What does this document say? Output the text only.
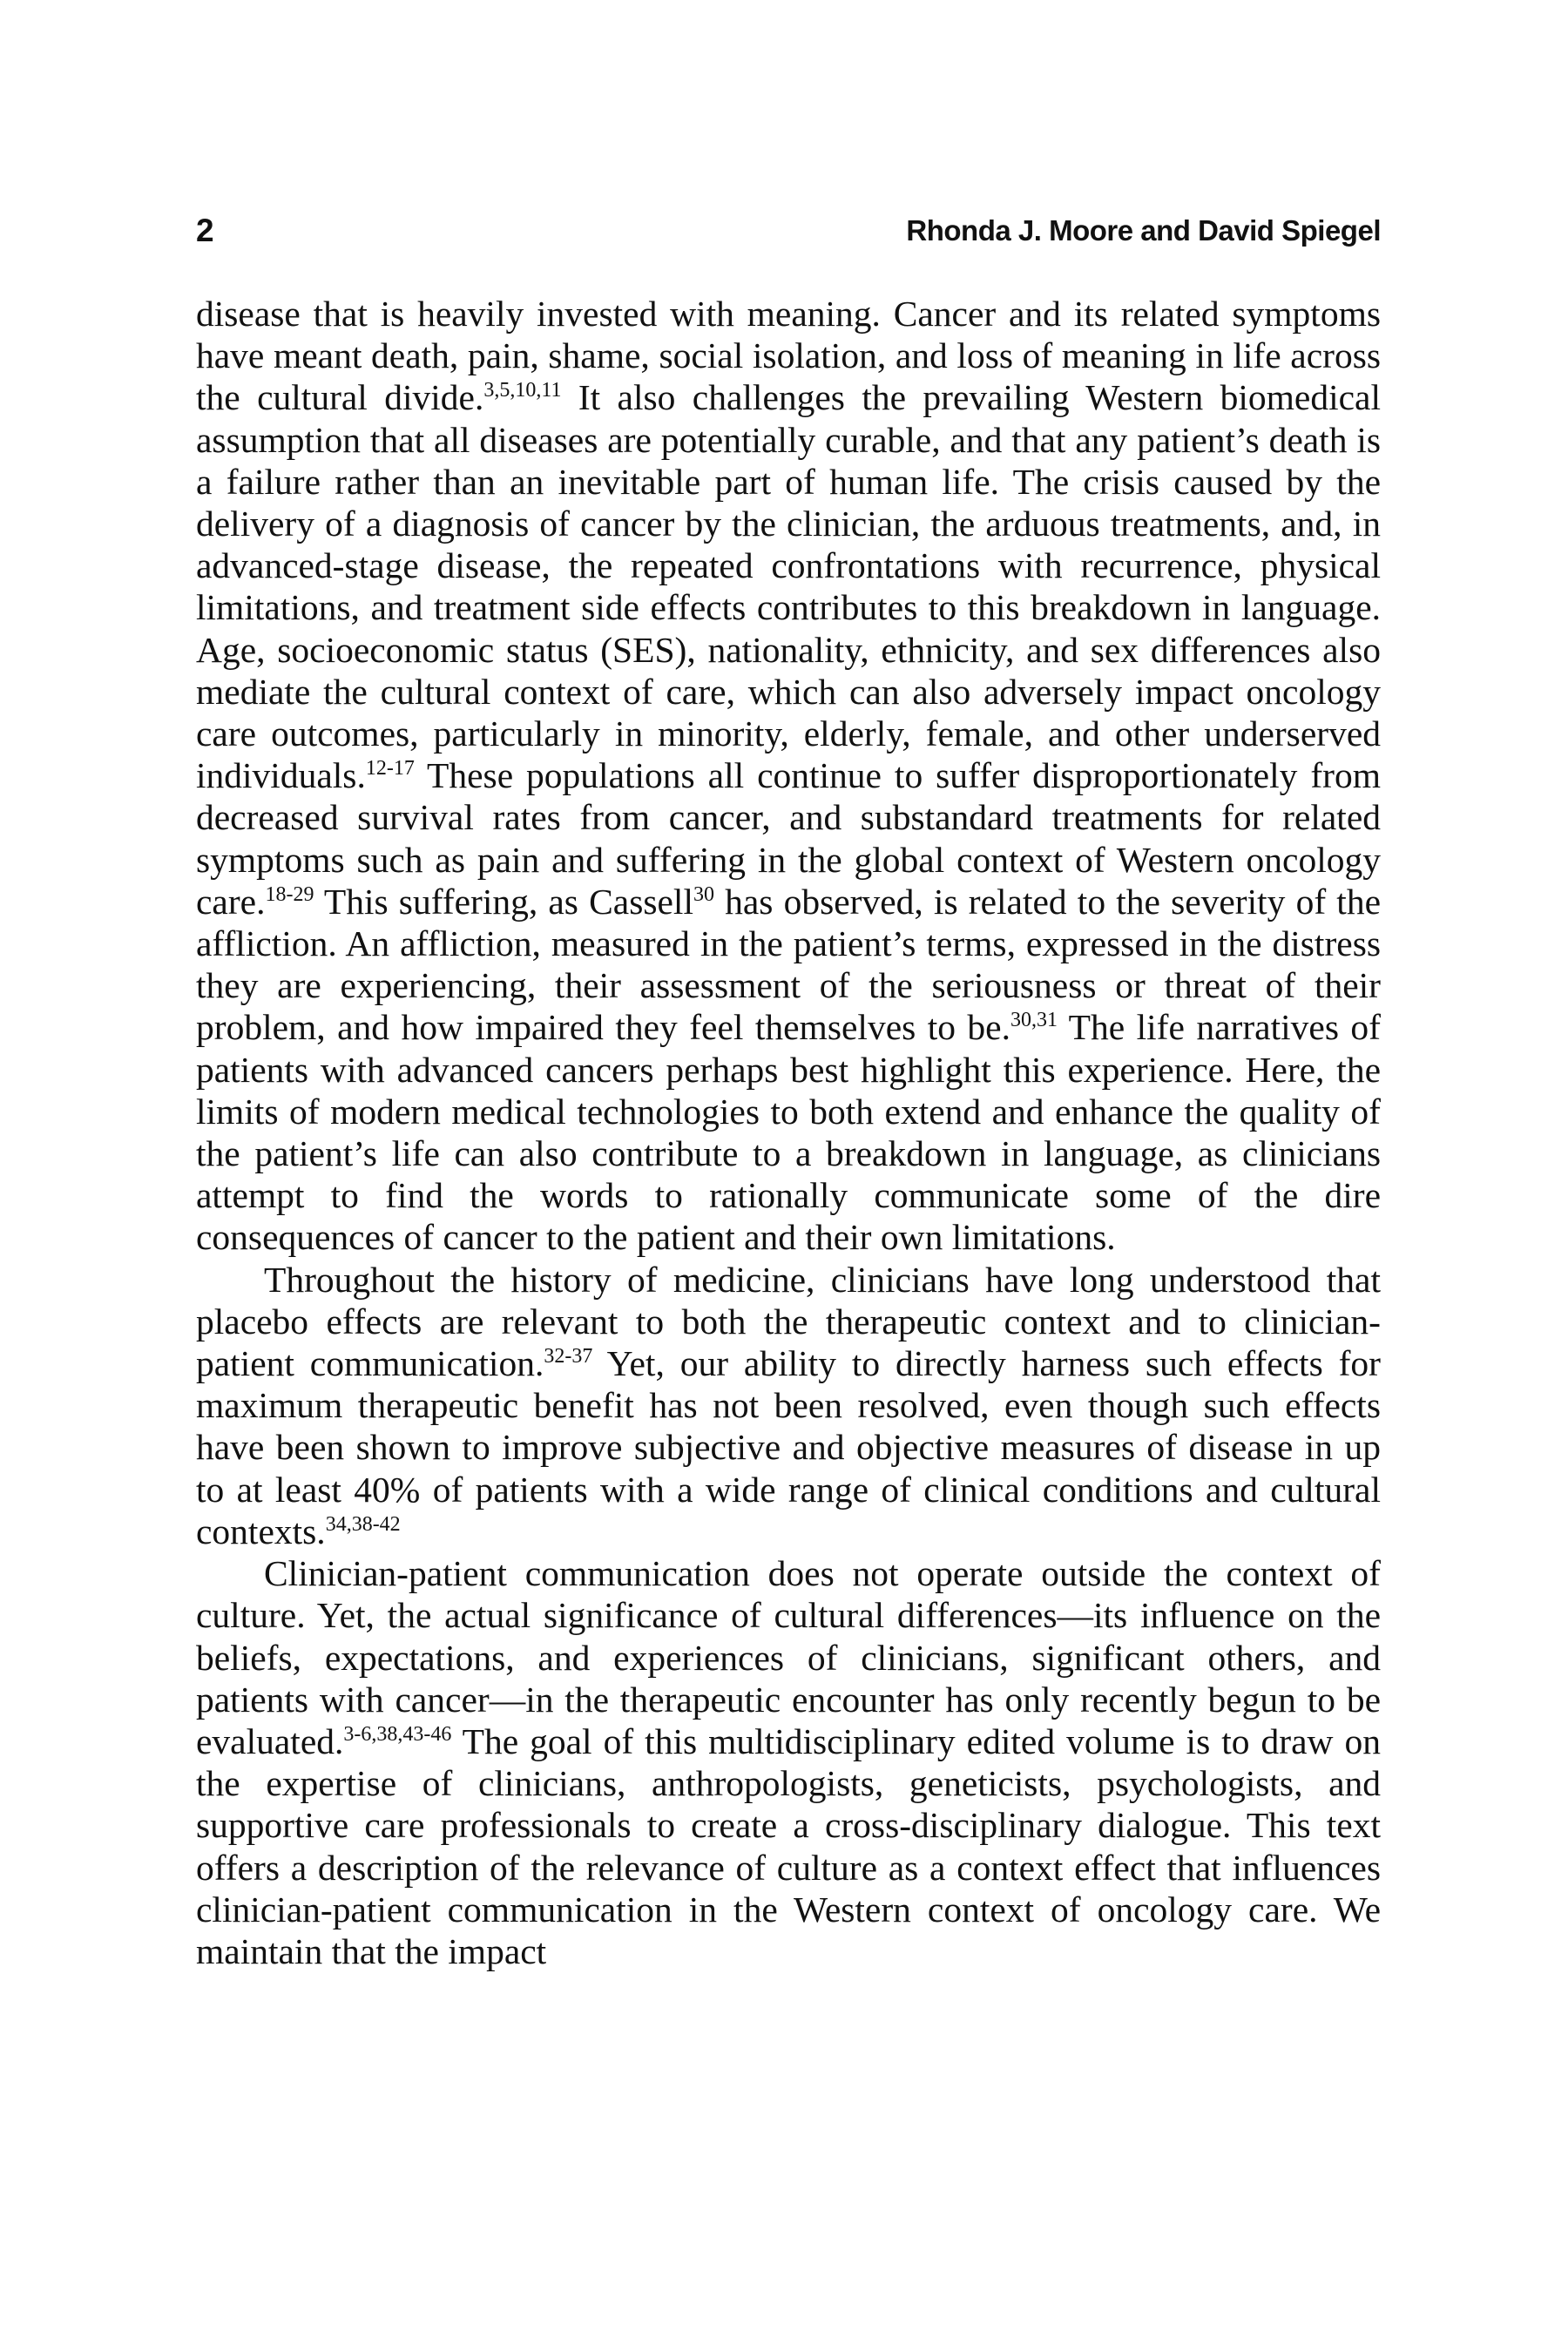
2	Rhonda J. Moore and David Spiegel

disease that is heavily invested with meaning. Cancer and its related symptoms have meant death, pain, shame, social isolation, and loss of meaning in life across the cultural divide.$^{3,5,10,11}$ It also challenges the prevailing Western biomedical assumption that all diseases are potentially curable, and that any patient’s death is a failure rather than an inevitable part of human life. The crisis caused by the delivery of a diagnosis of cancer by the clinician, the arduous treatments, and, in advanced-stage disease, the repeated confrontations with recurrence, physical limitations, and treatment side effects contributes to this breakdown in language. Age, socioeconomic status (SES), nationality, ethnicity, and sex differences also mediate the cultural context of care, which can also adversely impact oncology care outcomes, particularly in minority, elderly, female, and other underserved individuals.$^{12-17}$ These populations all continue to suffer disproportionately from decreased survival rates from cancer, and substandard treatments for related symptoms such as pain and suffering in the global context of Western oncology care.$^{18-29}$ This suffering, as Cassell$^{30}$ has observed, is related to the severity of the affliction. An affliction, measured in the patient’s terms, expressed in the distress they are experiencing, their assessment of the seriousness or threat of their problem, and how impaired they feel themselves to be.$^{30,31}$ The life narratives of patients with advanced cancers perhaps best highlight this experience. Here, the limits of modern medical technologies to both extend and enhance the quality of the patient’s life can also contribute to a breakdown in language, as clinicians attempt to find the words to rationally communicate some of the dire consequences of cancer to the patient and their own limitations.

Throughout the history of medicine, clinicians have long understood that placebo effects are relevant to both the therapeutic context and to clinician-patient communication.$^{32-37}$ Yet, our ability to directly harness such effects for maximum therapeutic benefit has not been resolved, even though such effects have been shown to improve subjective and objective measures of disease in up to at least 40% of patients with a wide range of clinical conditions and cultural contexts.$^{34,38-42}$

Clinician-patient communication does not operate outside the context of culture. Yet, the actual significance of cultural differences—its influence on the beliefs, expectations, and experiences of clinicians, significant others, and patients with cancer—in the therapeutic encounter has only recently begun to be evaluated.$^{3-6,38,43-46}$ The goal of this multidisciplinary edited volume is to draw on the expertise of clinicians, anthropologists, geneticists, psychologists, and supportive care professionals to create a cross-disciplinary dialogue. This text offers a description of the relevance of culture as a context effect that influences clinician-patient communication in the Western context of oncology care. We maintain that the impact
